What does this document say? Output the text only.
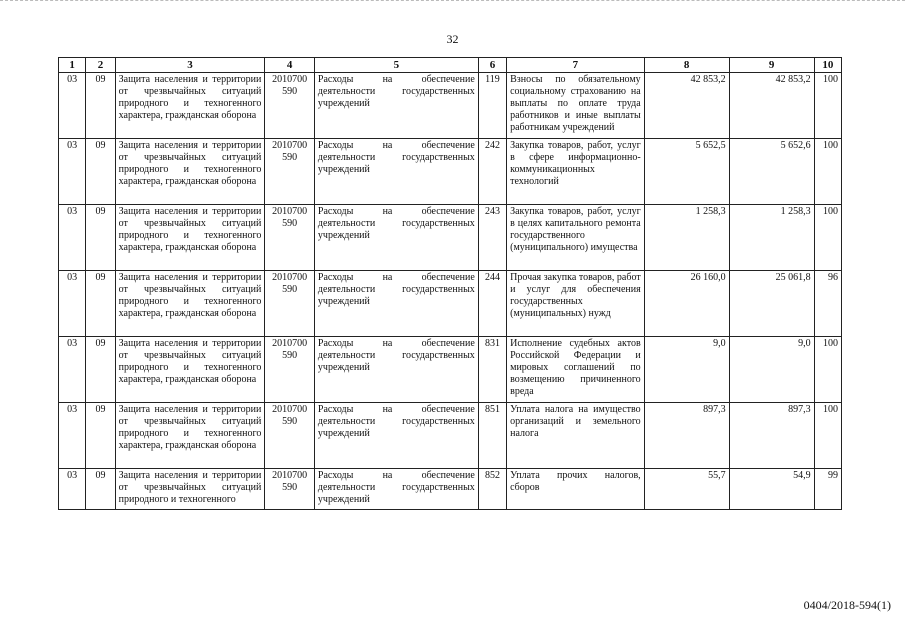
32
1	2	3	4	5	6	7	8	9	10
03	09	Защита населения и территории от чрезвычайных ситуаций природного и техногенного характера, гражданская оборона	2010700 590	Расходы на обеспечение деятельности государственных учреждений	119	Взносы по обязательному социальному страхованию на выплаты по оплате труда работников и иные выплаты работникам учреждений	42 853,2	42 853,2	100
03	09	Защита населения и территории от чрезвычайных ситуаций природного и техногенного характера, гражданская оборона	2010700 590	Расходы на обеспечение деятельности государственных учреждений	242	Закупка товаров, работ, услуг в сфере информационно-коммуникационных технологий	5 652,5	5 652,6	100
03	09	Защита населения и территории от чрезвычайных ситуаций природного и техногенного характера, гражданская оборона	2010700 590	Расходы на обеспечение деятельности государственных учреждений	243	Закупка товаров, работ, услуг в целях капитального ремонта государственного (муниципального) имущества	1 258,3	1 258,3	100
03	09	Защита населения и территории от чрезвычайных ситуаций природного и техногенного характера, гражданская оборона	2010700 590	Расходы на обеспечение деятельности государственных учреждений	244	Прочая закупка товаров, работ и услуг для обеспечения государственных (муниципальных) нужд	26 160,0	25 061,8	96
03	09	Защита населения и территории от чрезвычайных ситуаций природного и техногенного характера, гражданская оборона	2010700 590	Расходы на обеспечение деятельности государственных учреждений	831	Исполнение судебных актов Российской Федерации и мировых соглашений по возмещению причиненного вреда	9,0	9,0	100
03	09	Защита населения и территории от чрезвычайных ситуаций природного и техногенного характера, гражданская оборона	2010700 590	Расходы на обеспечение деятельности государственных учреждений	851	Уплата налога на имущество организаций и земельного налога	897,3	897,3	100
03	09	Защита населения и территории от чрезвычайных ситуаций природного и техногенного	2010700 590	Расходы на обеспечение деятельности государственных учреждений	852	Уплата прочих налогов, сборов	55,7	54,9	99
0404/2018-594(1)
